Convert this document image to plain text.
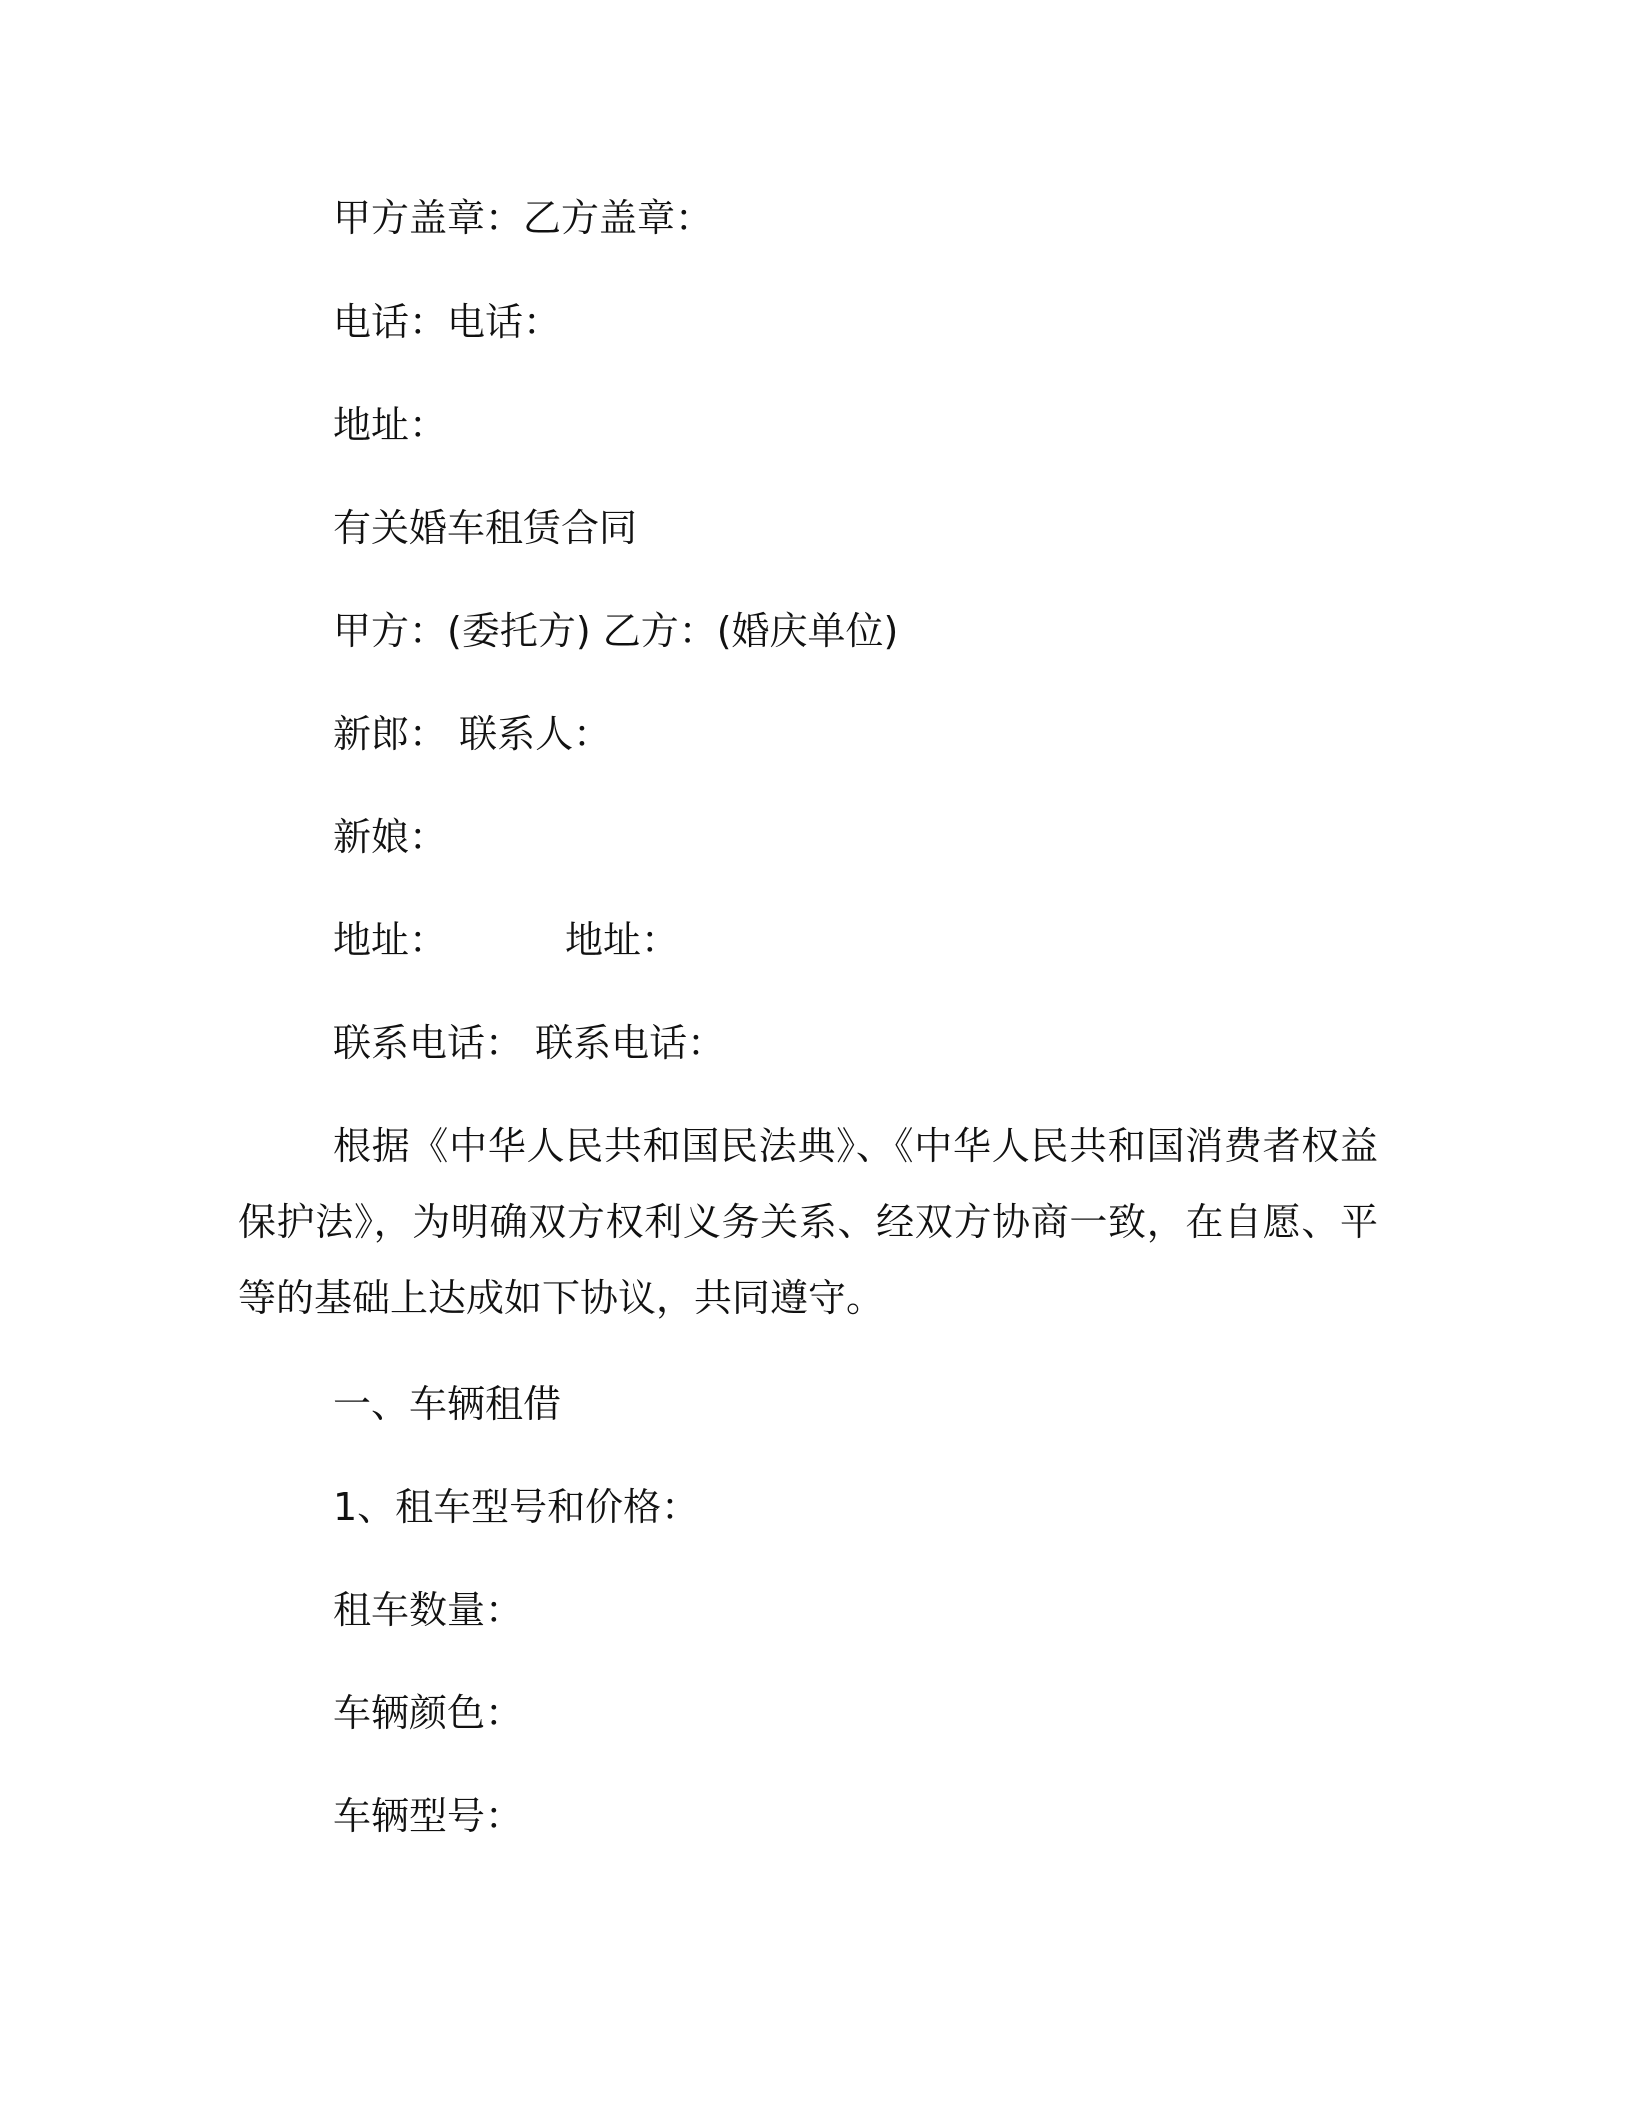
甲方盖章：乙方盖章：
电话：电话：
地址：
有关婚车租赁合同
甲方：(委托方) 乙方：(婚庆单位)
新郎： 联系人：
新娘：
地址：	地址：
联系电话： 联系电话：
根据《中华人民共和国民法典》、《中华人民共和国消费者权益保护法》，为明确双方权利义务关系、经双方协商一致，在自愿、平等的基础上达成如下协议，共同遵守。
一、车辆租借
1、租车型号和价格：
租车数量：
车辆颜色：
车辆型号：
